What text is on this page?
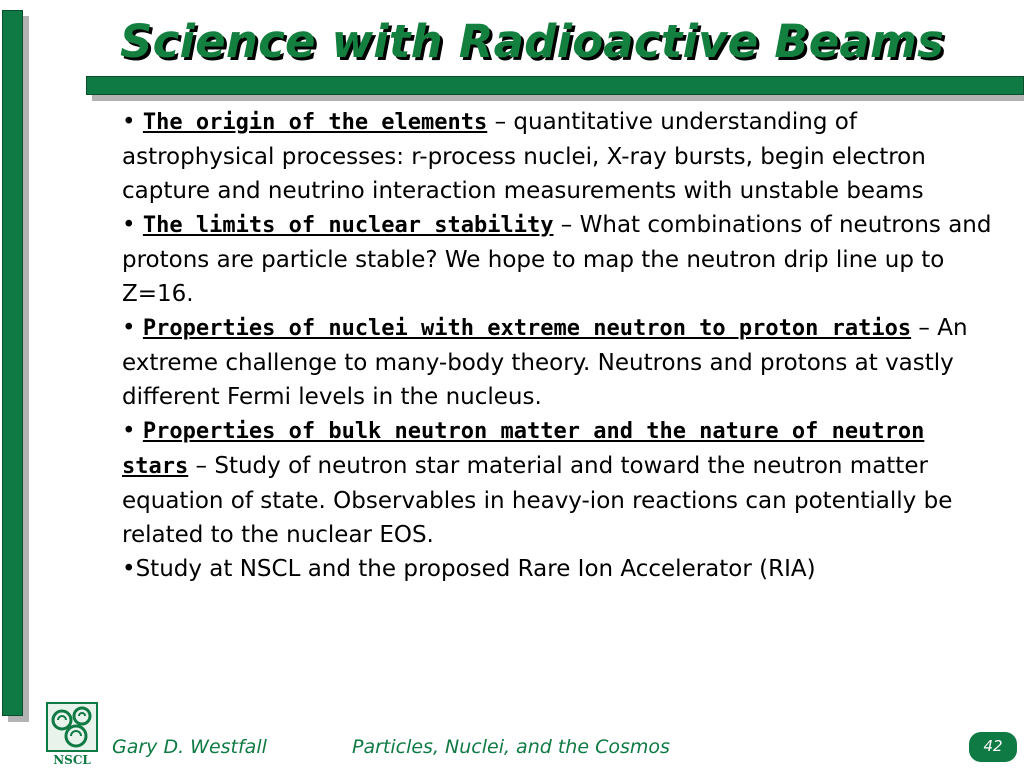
Science with Radioactive Beams

• The origin of the elements – quantitative understanding of astrophysical processes: r-process nuclei, X-ray bursts, begin electron capture and neutrino interaction measurements with unstable beams

• The limits of nuclear stability – What combinations of neutrons and protons are particle stable? We hope to map the neutron drip line up to Z=16.

• Properties of nuclei with extreme neutron to proton ratios – An extreme challenge to many-body theory. Neutrons and protons at vastly different Fermi levels in the nucleus.

• Properties of bulk neutron matter and the nature of neutron stars – Study of neutron star material and toward the neutron matter equation of state. Observables in heavy-ion reactions can potentially be related to the nuclear EOS.

•Study at NSCL and the proposed Rare Ion Accelerator (RIA)

NSCL
Gary D. Westfall	Particles, Nuclei, and the Cosmos	42
